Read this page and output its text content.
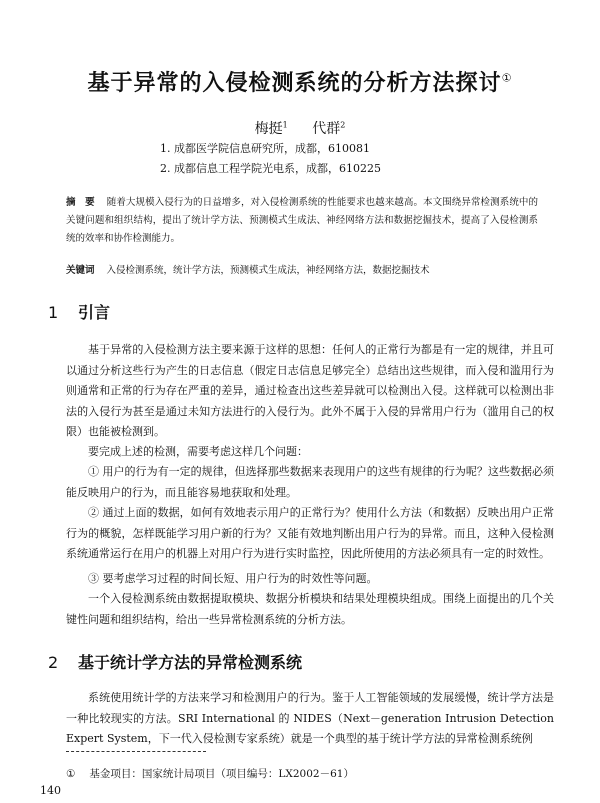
基于异常的入侵检测系统的分析方法探讨①
梅挺$^1$ 代群$^2$
1. 成都医学院信息研究所，成都，610081
2. 成都信息工程学院光电系，成都，610225
摘　要 随着大规模入侵行为的日益增多，对入侵检测系统的性能要求也越来越高。本文围绕异常检测系统中的关键问题和组织结构，提出了统计学方法、预测模式生成法、神经网络方法和数据挖掘技术，提高了入侵检测系统的效率和协作检测能力。
关键词 入侵检测系统，统计学方法，预测模式生成法，神经网络方法，数据挖掘技术
1 引言
基于异常的入侵检测方法主要来源于这样的思想：任何人的正常行为都是有一定的规律，并且可以通过分析这些行为产生的日志信息（假定日志信息足够完全）总结出这些规律，而入侵和滥用行为则通常和正常的行为存在严重的差异，通过检查出这些差异就可以检测出入侵。这样就可以检测出非法的入侵行为甚至是通过未知方法进行的入侵行为。此外不属于入侵的异常用户行为（滥用自己的权限）也能被检测到。
要完成上述的检测，需要考虑这样几个问题：
① 用户的行为有一定的规律，但选择那些数据来表现用户的这些有规律的行为呢？这些数据必须能反映用户的行为，而且能容易地获取和处理。
② 通过上面的数据，如何有效地表示用户的正常行为？使用什么方法（和数据）反映出用户正常行为的概貌，怎样既能学习用户新的行为？又能有效地判断出用户行为的异常。而且，这种入侵检测系统通常运行在用户的机器上对用户行为进行实时监控，因此所使用的方法必须具有一定的时效性。
③ 要考虑学习过程的时间长短、用户行为的时效性等问题。
一个入侵检测系统由数据提取模块、数据分析模块和结果处理模块组成。围绕上面提出的几个关键性问题和组织结构，给出一些异常检测系统的分析方法。
2 基于统计学方法的异常检测系统
系统使用统计学的方法来学习和检测用户的行为。鉴于人工智能领域的发展缓慢，统计学方法是一种比较现实的方法。SRI International 的 NIDES（Next－generation Intrusion Detection Expert System，下一代入侵检测专家系统）就是一个典型的基于统计学方法的异常检测系统例
① 基金项目：国家统计局项目（项目编号：LX2002－61）
140
